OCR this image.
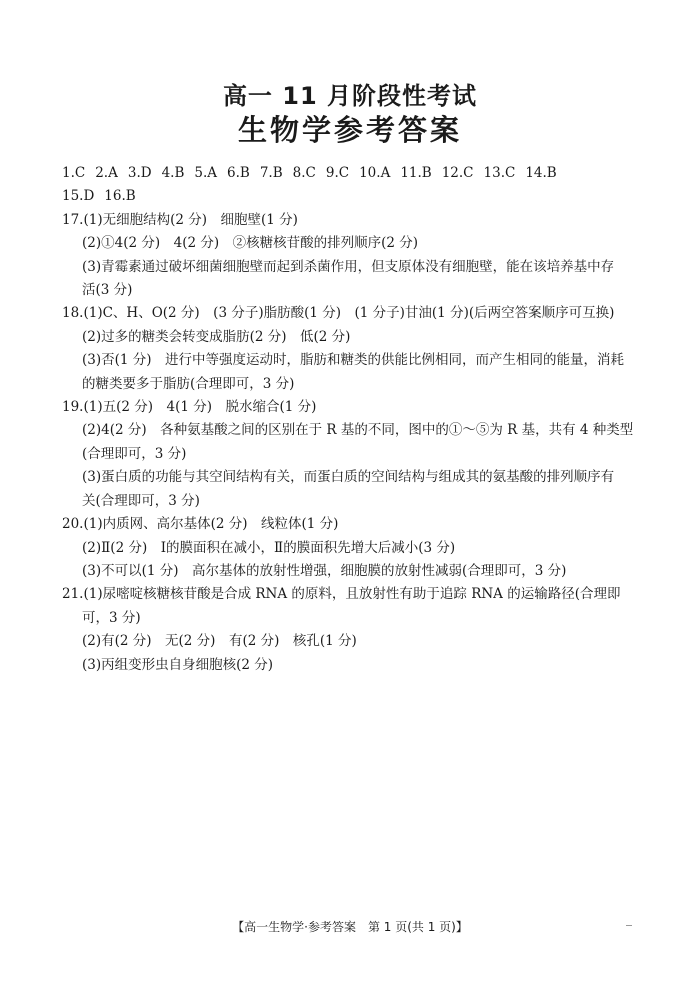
高一 11 月阶段性考试
生物学参考答案

1.C 2.A 3.D 4.B 5.A 6.B 7.B 8.C 9.C 10.A 11.B 12.C 13.C 14.B

15.D 16.B

17.(1)无细胞结构(2 分)　细胞壁(1 分)

(2)①4(2 分)　4(2 分)　②核糖核苷酸的排列顺序(2 分)

(3)青霉素通过破坏细菌细胞壁而起到杀菌作用，但支原体没有细胞壁，能在该培养基中存

活(3 分)

18.(1)C、H、O(2 分)　(3 分子)脂肪酸(1 分)　(1 分子)甘油(1 分)(后两空答案顺序可互换)

(2)过多的糖类会转变成脂肪(2 分)　低(2 分)

(3)否(1 分)　进行中等强度运动时，脂肪和糖类的供能比例相同，而产生相同的能量，消耗

的糖类要多于脂肪(合理即可，3 分)

19.(1)五(2 分)　4(1 分)　脱水缩合(1 分)

(2)4(2 分)　各种氨基酸之间的区别在于 R 基的不同，图中的①～⑤为 R 基，共有 4 种类型

(合理即可，3 分)

(3)蛋白质的功能与其空间结构有关，而蛋白质的空间结构与组成其的氨基酸的排列顺序有

关(合理即可，3 分)

20.(1)内质网、高尔基体(2 分)　线粒体(1 分)

(2)Ⅱ(2 分)　Ⅰ的膜面积在减小，Ⅱ的膜面积先增大后减小(3 分)

(3)不可以(1 分)　高尔基体的放射性增强，细胞膜的放射性减弱(合理即可，3 分)

21.(1)尿嘧啶核糖核苷酸是合成 RNA 的原料，且放射性有助于追踪 RNA 的运输路径(合理即

可，3 分)

(2)有(2 分)　无(2 分)　有(2 分)　核孔(1 分)

(3)丙组变形虫自身细胞核(2 分)

【高一生物学·参考答案　第 1 页(共 1 页)】
